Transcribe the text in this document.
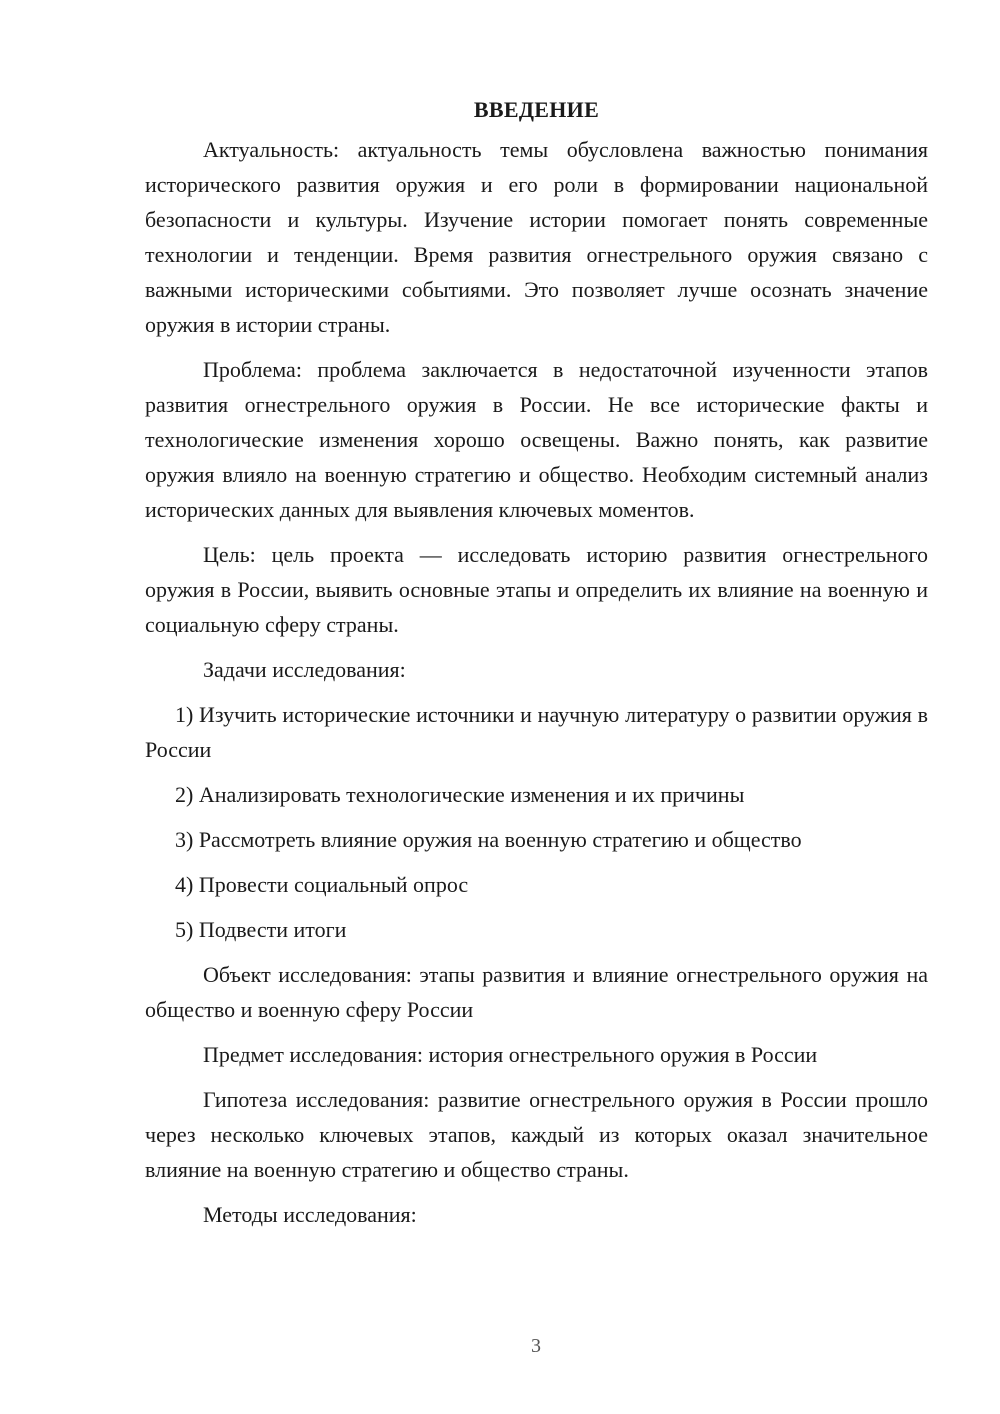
ВВЕДЕНИЕ

Актуальность: актуальность темы обусловлена важностью понимания исторического развития оружия и его роли в формировании национальной безопасности и культуры. Изучение истории помогает понять современные технологии и тенденции. Время развития огнестрельного оружия связано с важными историческими событиями. Это позволяет лучше осознать значение оружия в истории страны.

Проблема: проблема заключается в недостаточной изученности этапов развития огнестрельного оружия в России. Не все исторические факты и технологические изменения хорошо освещены. Важно понять, как развитие оружия влияло на военную стратегию и общество. Необходим системный анализ исторических данных для выявления ключевых моментов.

Цель: цель проекта — исследовать историю развития огнестрельного оружия в России, выявить основные этапы и определить их влияние на военную и социальную сферу страны.

Задачи исследования:

1) Изучить исторические источники и научную литературу о развитии оружия в России

2) Анализировать технологические изменения и их причины

3) Рассмотреть влияние оружия на военную стратегию и общество

4) Провести социальный опрос

5) Подвести итоги

Объект исследования: этапы развития и влияние огнестрельного оружия на общество и военную сферу России

Предмет исследования: история огнестрельного оружия в России

Гипотеза исследования: развитие огнестрельного оружия в России прошло через несколько ключевых этапов, каждый из которых оказал значительное влияние на военную стратегию и общество страны.

Методы исследования:

3
